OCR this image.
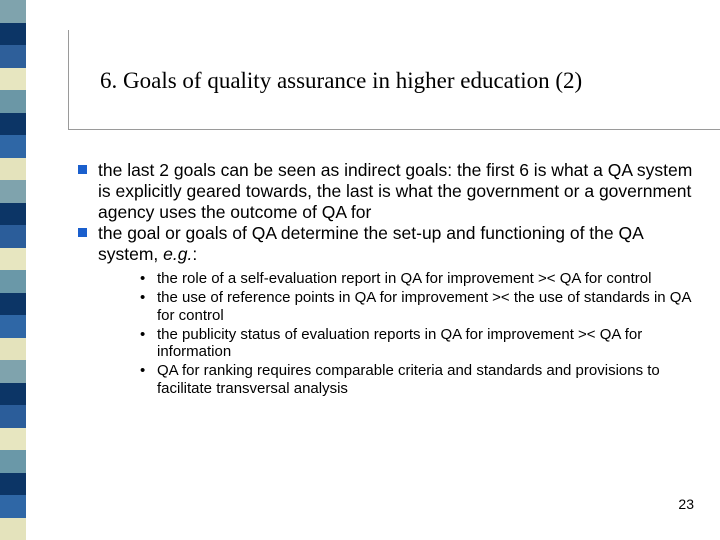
6. Goals of quality assurance in higher education (2)

the last 2 goals can be seen as indirect goals: the first 6 is what a QA system is explicitly geared towards, the last is what the government or a government agency uses the outcome of QA for

the goal or goals of QA determine the set-up and functioning of the QA system, e.g.:

• the role of a self-evaluation report in QA for improvement >< QA for control
• the use of reference points in QA for improvement >< the use of standards in QA for control
• the publicity status of evaluation reports in QA for improvement >< QA for information
• QA for ranking requires comparable criteria and standards and provisions to facilitate transversal analysis
23
